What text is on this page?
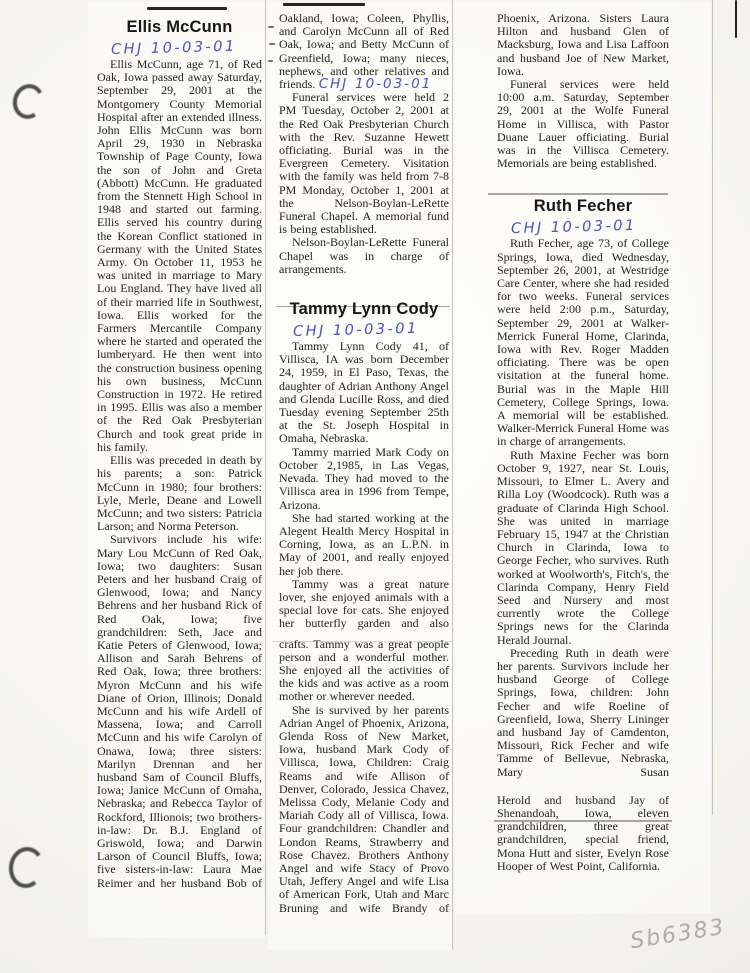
Ellis McCunn
CHJ 10-03-01

Ellis McCunn, age 71, of Red Oak, Iowa passed away Saturday, September 29, 2001 at the Montgomery County Memorial Hospital after an extended illness. John Ellis McCunn was born April 29, 1930 in Nebraska Township of Page County, Iowa the son of John and Greta (Abbott) McCunn. He graduated from the Stennett High School in 1948 and started out farming. Ellis served his country during the Korean Conflict stationed in Germany with the United States Army. On October 11, 1953 he was united in marriage to Mary Lou England. They have lived all of their married life in Southwest, Iowa. Ellis worked for the Farmers Mercantile Company where he started and operated the lumberyard. He then went into the construction business opening his own business, McCunn Construction in 1972. He retired in 1995. Ellis was also a member of the Red Oak Presbyterian Church and took great pride in his family.

Ellis was preceded in death by his parents; a son: Patrick McCunn in 1980; four brothers: Lyle, Merle, Deane and Lowell McCunn; and two sisters: Patricia Larson; and Norma Peterson.

Survivors include his wife: Mary Lou McCunn of Red Oak, Iowa; two daughters: Susan Peters and her husband Craig of Glenwood, Iowa; and Nancy Behrens and her husband Rick of Red Oak, Iowa; five grandchildren: Seth, Jace and Katie Peters of Glenwood, Iowa; Allison and Sarah Behrens of Red Oak, Iowa; three brothers: Myron McCunn and his wife Diane of Orion, Illinois; Donald McCunn and his wife Ardell of Massena, Iowa; and Carroll McCunn and his wife Carolyn of Onawa, Iowa; three sisters: Marilyn Drennan and her husband Sam of Council Bluffs, Iowa; Janice McCunn of Omaha, Nebraska; and Rebecca Taylor of Rockford, Illionois; two brothers-in-law: Dr. B.J. England of Griswold, Iowa; and Darwin Larson of Council Bluffs, Iowa; five sisters-in-law: Laura Mae Reimer and her husband Bob of

Oakland, Iowa; Coleen, Phyllis, and Carolyn McCunn all of Red Oak, Iowa; and Betty McCunn of Greenfield, Iowa; many nieces, nephews, and other relatives and friends. CHJ 10-03-01

Funeral services were held 2 PM Tuesday, October 2, 2001 at the Red Oak Presbyterian Church with the Rev. Suzanne Hewett officiating. Burial was in the Evergreen Cemetery. Visitation with the family was held from 7-8 PM Monday, October 1, 2001 at the Nelson-Boylan-LeRette Funeral Chapel. A memorial fund is being established.

Nelson-Boylan-LeRette Funeral Chapel was in charge of arrangements.

Tammy Lynn Cody
CHJ 10-03-01

Tammy Lynn Cody 41, of Villisca, IA was born December 24, 1959, in El Paso, Texas, the daughter of Adrian Anthony Angel and Glenda Lucille Ross, and died Tuesday evening September 25th at the St. Joseph Hospital in Omaha, Nebraska.

Tammy married Mark Cody on October 2,1985, in Las Vegas, Nevada. They had moved to the Villisca area in 1996 from Tempe, Arizona.

She had started working at the Alegent Health Mercy Hospital in Corning, Iowa, as an L.P.N. in May of 2001, and really enjoyed her job there.

Tammy was a great nature lover, she enjoyed animals with a special love for cats. She enjoyed her butterfly garden and also

crafts. Tammy was a great people person and a wonderful mother. She enjoyed all the activities of the kids and was active as a room mother or wherever needed.

She is survived by her parents Adrian Angel of Phoenix, Arizona, Glenda Ross of New Market, Iowa, husband Mark Cody of Villisca, Iowa, Children: Craig Reams and wife Allison of Denver, Colorado, Jessica Chavez, Melissa Cody, Melanie Cody and Mariah Cody all of Villisca, Iowa. Four grandchildren: Chandler and London Reams, Strawberry and Rose Chavez. Brothers Anthony Angel and wife Stacy of Provo Utah, Jeffery Angel and wife Lisa of American Fork, Utah and Marc Bruning and wife Brandy of

Phoenix, Arizona. Sisters Laura Hilton and husband Glen of Macksburg, Iowa and Lisa Laffoon and husband Joe of New Market, Iowa.

Funeral services were held 10:00 a.m. Saturday, September 29, 2001 at the Wolfe Funeral Home in Villisca, with Pastor Duane Lauer officiating. Burial was in the Villisca Cemetery. Memorials are being established.

Ruth Fecher
CHJ 10-03-01

Ruth Fecher, age 73, of College Springs, Iowa, died Wednesday, September 26, 2001, at Westridge Care Center, where she had resided for two weeks. Funeral services were held 2:00 p.m., Saturday, September 29, 2001 at Walker-Merrick Funeral Home, Clarinda, Iowa with Rev. Roger Madden officiating. There was be open visitation at the funeral home. Burial was in the Maple Hill Cemetery, College Springs, Iowa. A memorial will be established. Walker-Merrick Funeral Home was in charge of arrangements.

Ruth Maxine Fecher was born October 9, 1927, near St. Louis, Missouri, to Elmer L. Avery and Rilla Loy (Woodcock). Ruth was a graduate of Clarinda High School. She was united in marriage February 15, 1947 at the Christian Church in Clarinda, Iowa to George Fecher, who survives. Ruth worked at Woolworth's, Fitch's, the Clarinda Company, Henry Field Seed and Nursery and most currently wrote the College Springs news for the Clarinda Herald Journal.

Preceding Ruth in death were her parents. Survivors include her husband George of College Springs, Iowa, children: John Fecher and wife Roeline of Greenfield, Iowa, Sherry Lininger and husband Jay of Camdenton, Missouri, Rick Fecher and wife Tamme of Bellevue, Nebraska, Mary Susan

Herold and husband Jay of Shenandoah, Iowa, eleven grandchildren, three great grandchildren, special friend, Mona Hutt and sister, Evelyn Rose Hooper of West Point, California.

Sb6383
